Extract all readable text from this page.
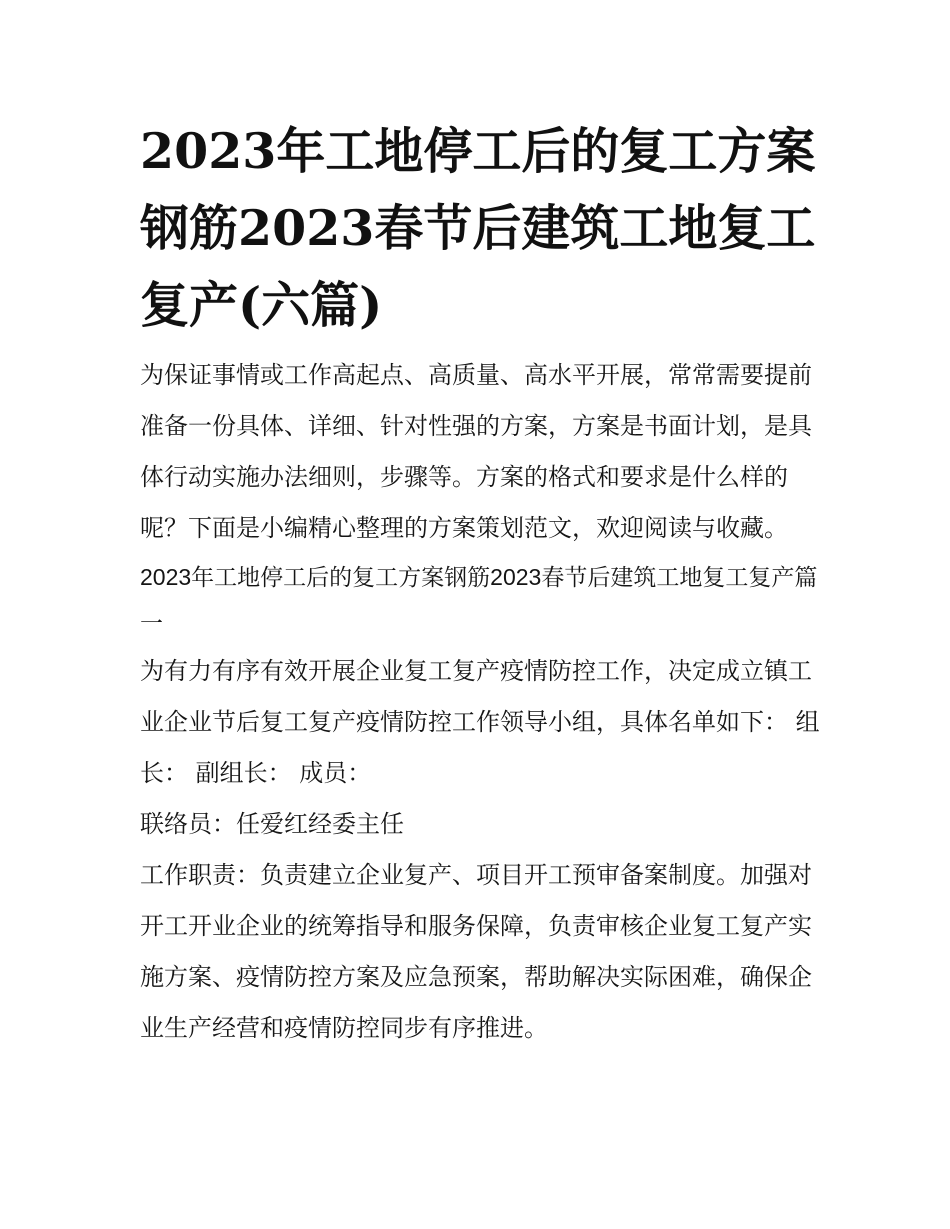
2023年工地停工后的复工方案钢筋2023春节后建筑工地复工复产(六篇)

为保证事情或工作高起点、高质量、高水平开展，常常需要提前准备一份具体、详细、针对性强的方案，方案是书面计划，是具体行动实施办法细则，步骤等。方案的格式和要求是什么样的呢？下面是小编精心整理的方案策划范文，欢迎阅读与收藏。

2023年工地停工后的复工方案钢筋2023春节后建筑工地复工复产篇一

为有力有序有效开展企业复工复产疫情防控工作，决定成立镇工业企业节后复工复产疫情防控工作领导小组，具体名单如下： 组长： 副组长： 成员：

联络员：任爱红经委主任

工作职责：负责建立企业复产、项目开工预审备案制度。加强对开工开业企业的统筹指导和服务保障，负责审核企业复工复产实施方案、疫情防控方案及应急预案，帮助解决实际困难，确保企业生产经营和疫情防控同步有序推进。
